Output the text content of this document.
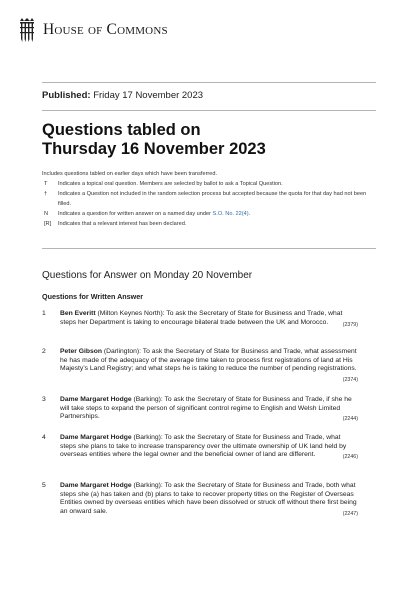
House of Commons
Published: Friday 17 November 2023
Questions tabled on
Thursday 16 November 2023
Includes questions tabled on earlier days which have been transferred.
T	Indicates a topical oral question. Members are selected by ballot to ask a Topical Question.
†	Indicates a Question not included in the random selection process but accepted because the quota for that day had not been filled.
N	Indicates a question for written answer on a named day under S.O. No. 22(4).
[R]	Indicates that a relevant interest has been declared.
Questions for Answer on Monday 20 November
Questions for Written Answer
1 Ben Everitt (Milton Keynes North): To ask the Secretary of State for Business and Trade, what steps her Department is taking to encourage bilateral trade between the UK and Morocco.	(2379)
2 Peter Gibson (Darlington): To ask the Secretary of State for Business and Trade, what assessment he has made of the adequacy of the average time taken to process first registrations of land at His Majesty’s Land Registry; and what steps he is taking to reduce the number of pending registrations.
(2374)
3 Dame Margaret Hodge (Barking): To ask the Secretary of State for Business and Trade, if she he will take steps to expand the person of significant control regime to English and Welsh Limited Partnerships.	(2244)
4 Dame Margaret Hodge (Barking): To ask the Secretary of State for Business and Trade, what steps she plans to take to increase transparency over the ultimate ownership of UK land held by overseas entities where the legal owner and the beneficial owner of land are different.	(2246)
5 Dame Margaret Hodge (Barking): To ask the Secretary of State for Business and Trade, both what steps she (a) has taken and (b) plans to take to recover property titles on the Register of Overseas Entities owned by overseas entities which have been dissolved or struck off without there first being an onward sale.	(2247)
